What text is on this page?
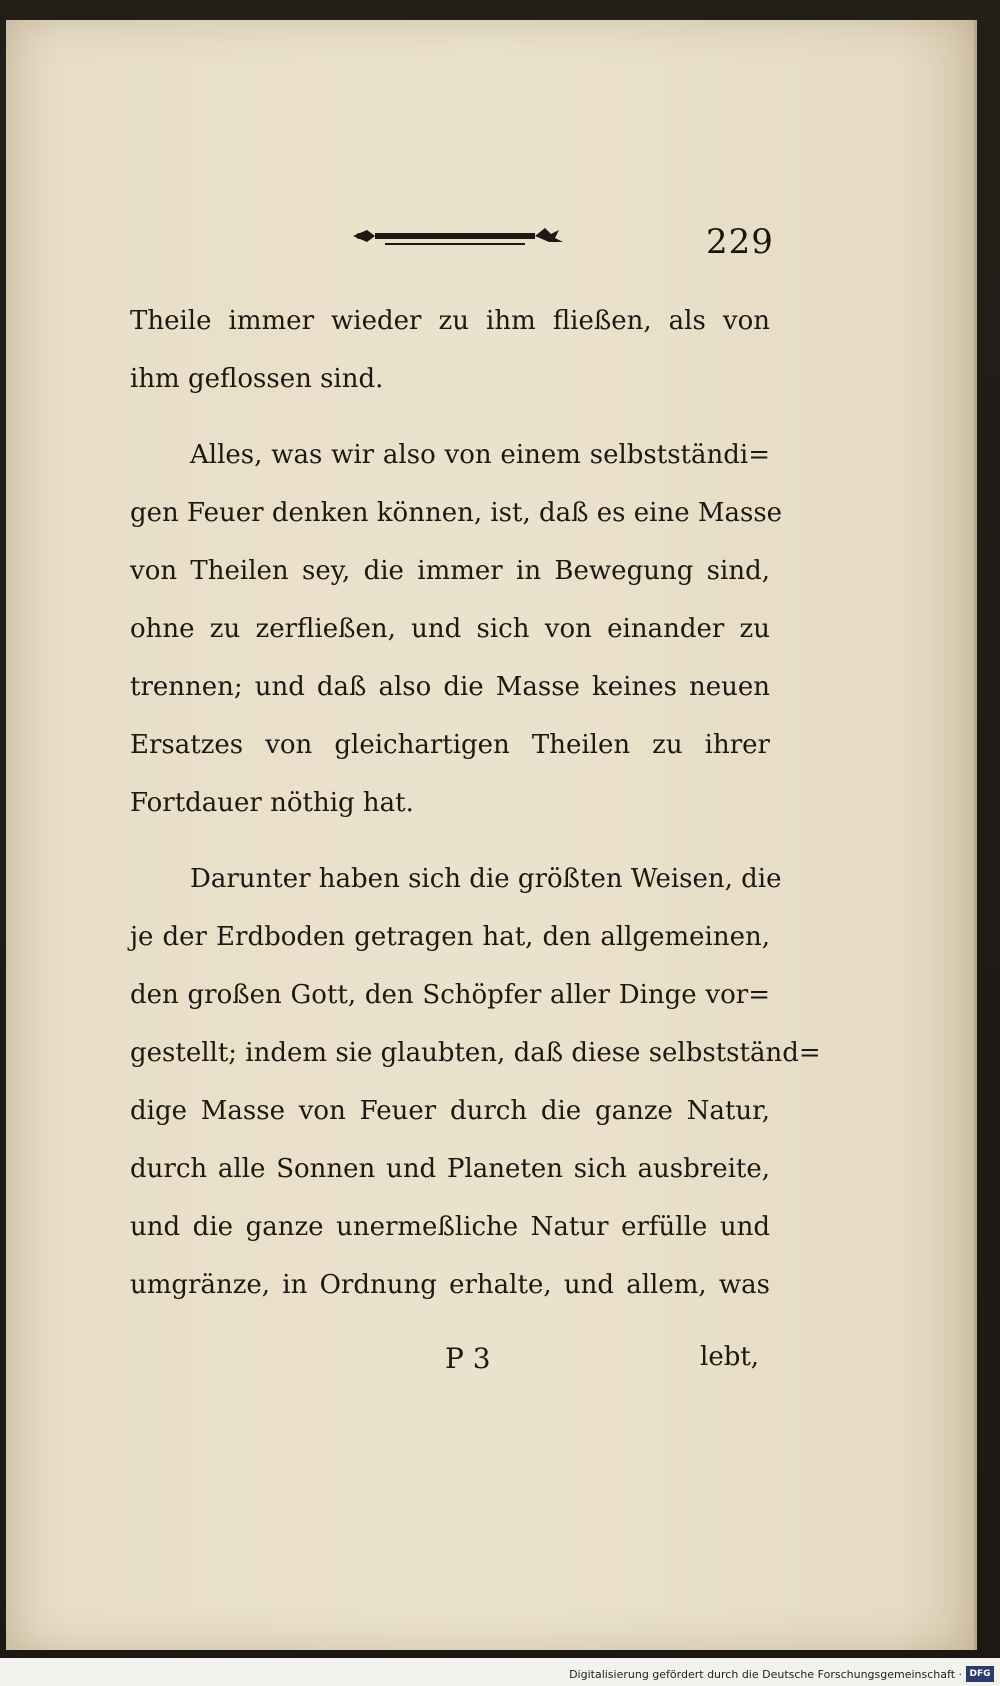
229
Theile immer wieder zu ihm fließen, als von
ihm geflossen sind.
Alles, was wir also von einem selbstständi=
gen Feuer denken können, ist, daß es eine Masse
von Theilen sey, die immer in Bewegung sind,
ohne zu zerfließen, und sich von einander zu
trennen; und daß also die Masse keines neuen
Ersatzes von gleichartigen Theilen zu ihrer
Fortdauer nöthig hat.
Darunter haben sich die größten Weisen, die
je der Erdboden getragen hat, den allgemeinen,
den großen Gott, den Schöpfer aller Dinge vor=
gestellt; indem sie glaubten, daß diese selbstständ=
dige Masse von Feuer durch die ganze Natur,
durch alle Sonnen und Planeten sich ausbreite,
und die ganze unermeßliche Natur erfülle und
umgränze, in Ordnung erhalte, und allem, was
P 3	lebt,
Digitalisierung gefördert durch die Deutsche Forschungsgemeinschaft · DFG
